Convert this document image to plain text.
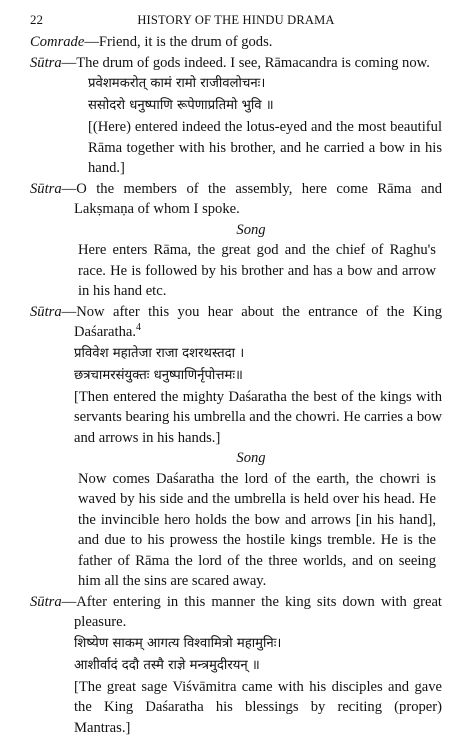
22	HISTORY OF THE HINDU DRAMA

Comrade—Friend, it is the drum of gods.

Sūtra—The drum of gods indeed. I see, Rāmacandra is coming now.

प्रवेशमकरोत् कामं रामो राजीवलोचनः।

ससोदरो धनुष्पाणि रूपेणाप्रतिमो भुवि ॥

[(Here) entered indeed the lotus-eyed and the most beautiful Rāma together with his brother, and he carried a bow in his hand.]

Sūtra—O the members of the assembly, here come Rāma and Lakṣmaṇa of whom I spoke.

Song

Here enters Rāma, the great god and the chief of Raghu's race. He is followed by his brother and has a bow and arrow in his hand etc.

Sūtra—Now after this you hear about the entrance of the King Daśaratha.$^4$

प्रविवेश महातेजा राजा दशरथस्तदा ।

छत्रचामरसंयुक्तः धनुष्पाणिर्नृपोत्तमः॥

[Then entered the mighty Daśaratha the best of the kings with servants bearing his umbrella and the chowri. He carries a bow and arrows in his hands.]

Song

Now comes Daśaratha the lord of the earth, the chowri is waved by his side and the umbrella is held over his head. He the invincible hero holds the bow and arrows [in his hand], and due to his prowess the hostile kings tremble. He is the father of Rāma the lord of the three worlds, and on seeing him all the sins are scared away.

Sūtra—After entering in this manner the king sits down with great pleasure.

शिष्येण साकम् आगत्य विश्वामित्रो महामुनिः।

आशीर्वादं ददौ तस्मै राज्ञे मन्त्रमुदीरयन् ॥

[The great sage Viśvāmitra came with his disciples and gave the King Daśaratha his blessings by reciting (proper) Mantras.]
